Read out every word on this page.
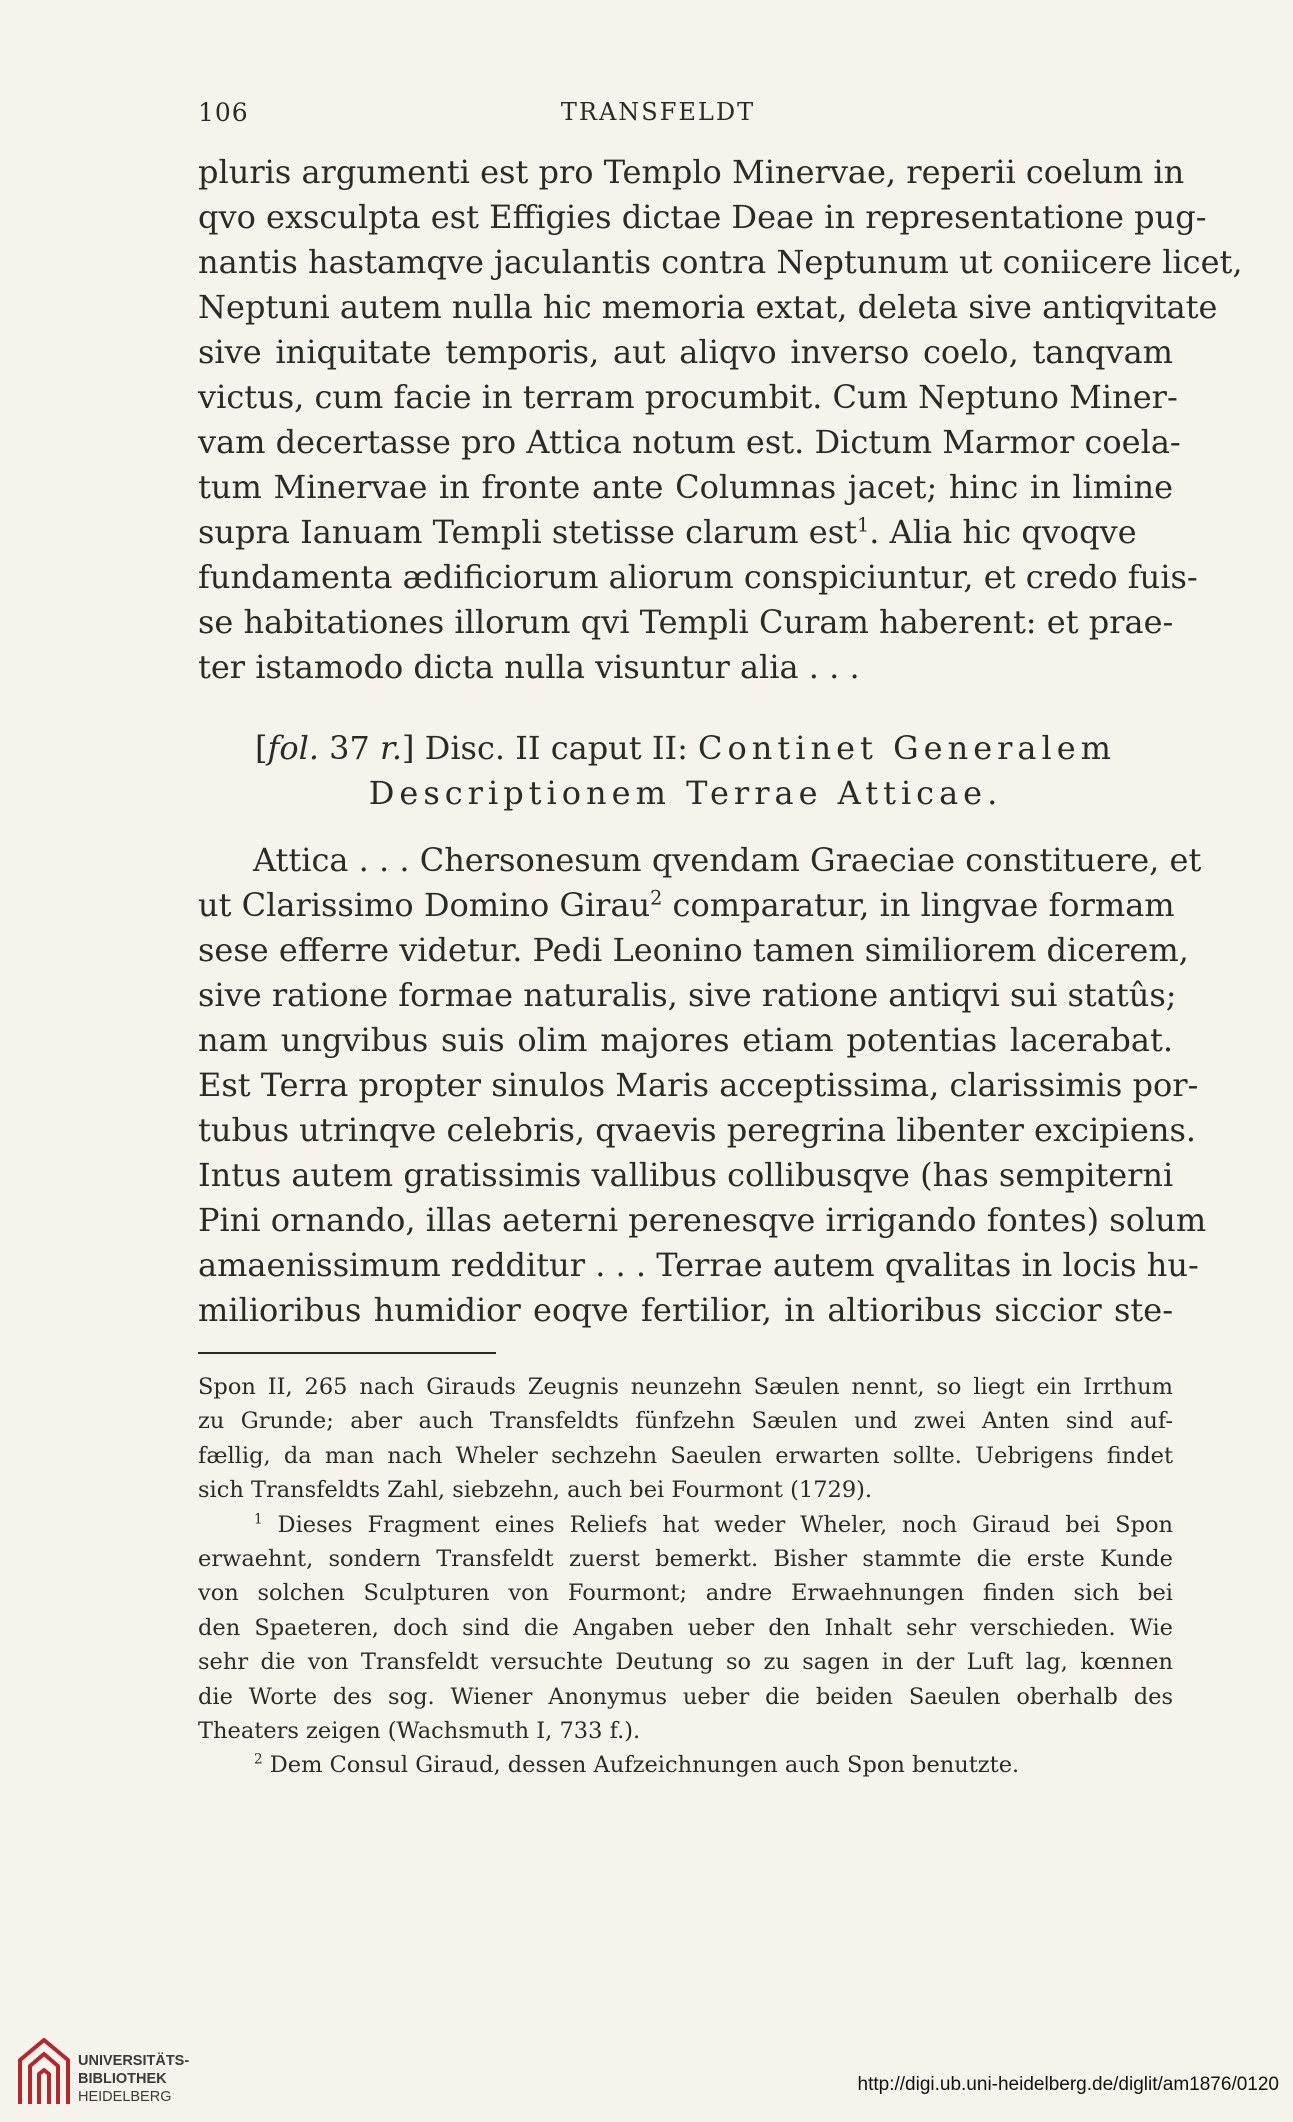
106	TRANSFELDT
pluris argumenti est pro Templo Minervae, reperii coelum in
qvo exsculpta est Effigies dictae Deae in representatione pug-
nantis hastamqve jaculantis contra Neptunum ut coniicere licet,
Neptuni autem nulla hic memoria extat, deleta sive antiqvitate
sive iniquitate temporis, aut aliqvo inverso coelo, tanqvam
victus, cum facie in terram procumbit. Cum Neptuno Miner-
vam decertasse pro Attica notum est. Dictum Marmor coela-
tum Minervae in fronte ante Columnas jacet; hinc in limine
supra Ianuam Templi stetisse clarum est$^1$. Alia hic qvoqve
fundamenta ædificiorum aliorum conspiciuntur, et credo fuis-
se habitationes illorum qvi Templi Curam haberent: et prae-
ter istamodo dicta nulla visuntur alia . . .
[fol. 37 r.] Disc. II caput II: Continet Generalem
Descriptionem Terrae Atticae.
Attica . . . Chersonesum qvendam Graeciae constituere, et
ut Clarissimo Domino Girau$^2$ comparatur, in lingvae formam
sese efferre videtur. Pedi Leonino tamen similiorem dicerem,
sive ratione formae naturalis, sive ratione antiqvi sui statûs;
nam ungvibus suis olim majores etiam potentias lacerabat.
Est Terra propter sinulos Maris acceptissima, clarissimis por-
tubus utrinqve celebris, qvaevis peregrina libenter excipiens.
Intus autem gratissimis vallibus collibusqve (has sempiterni
Pini ornando, illas aeterni perenesqve irrigando fontes) solum
amaenissimum redditur . . . Terrae autem qvalitas in locis hu-
milioribus humidior eoqve fertilior, in altioribus siccior ste-
Spon II, 265 nach Girauds Zeugnis neunzehn Sæulen nennt, so liegt ein Irrthum
zu Grunde; aber auch Transfeldts fünfzehn Sæulen und zwei Anten sind auf-
fællig, da man nach Wheler sechzehn Saeulen erwarten sollte. Uebrigens findet
sich Transfeldts Zahl, siebzehn, auch bei Fourmont (1729).
$^1$ Dieses Fragment eines Reliefs hat weder Wheler, noch Giraud bei Spon
erwaehnt, sondern Transfeldt zuerst bemerkt. Bisher stammte die erste Kunde
von solchen Sculpturen von Fourmont; andre Erwaehnungen finden sich bei
den Spaeteren, doch sind die Angaben ueber den Inhalt sehr verschieden. Wie
sehr die von Transfeldt versuchte Deutung so zu sagen in der Luft lag, kœnnen
die Worte des sog. Wiener Anonymus ueber die beiden Saeulen oberhalb des
Theaters zeigen (Wachsmuth I, 733 f.).
$^2$ Dem Consul Giraud, dessen Aufzeichnungen auch Spon benutzte.
UNIVERSITÄTS-
BIBLIOTHEK
HEIDELBERG
http://digi.ub.uni-heidelberg.de/diglit/am1876/0120
